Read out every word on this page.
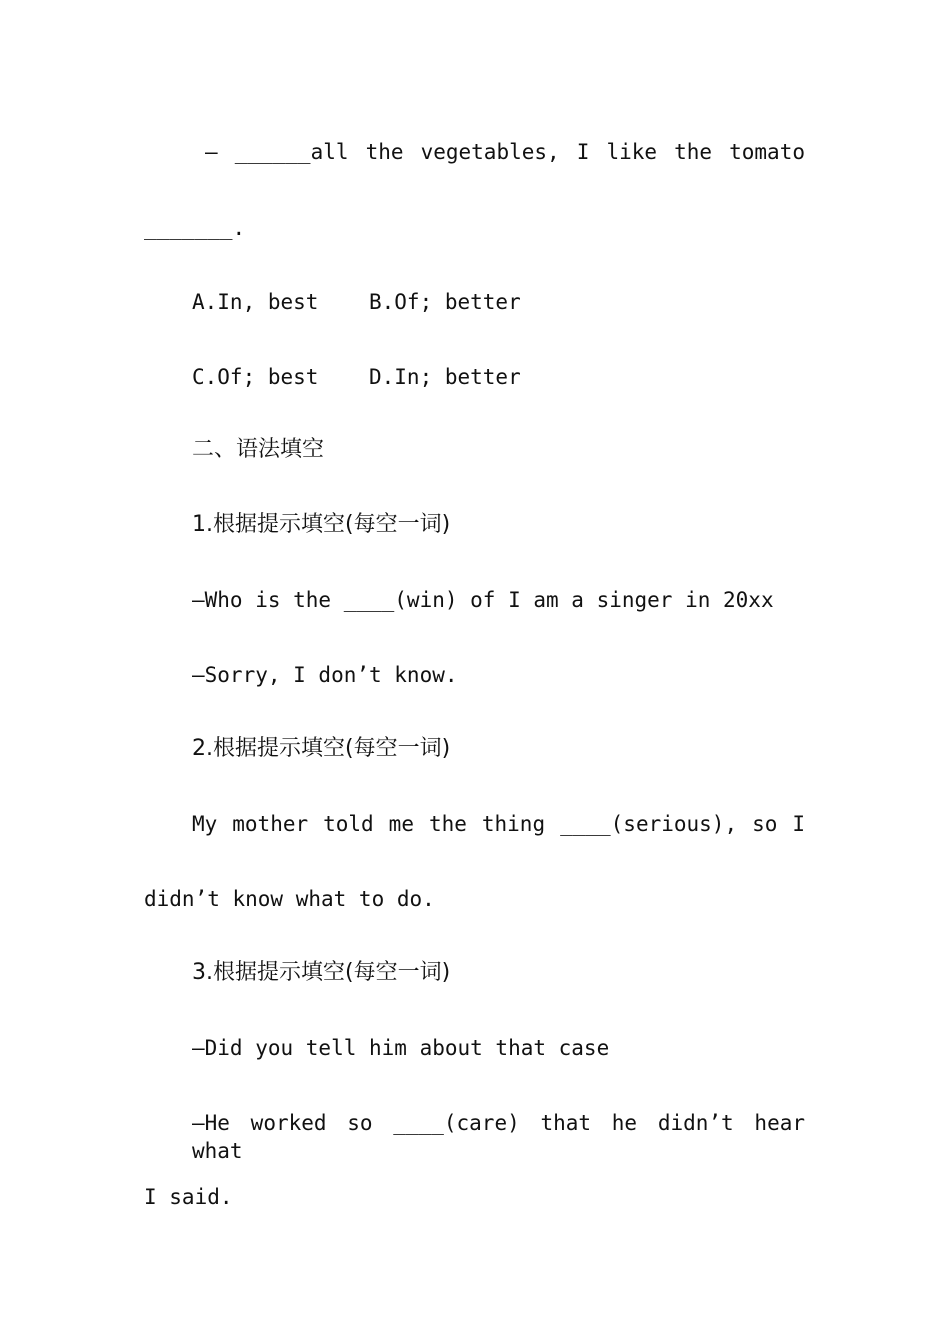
— ______all the vegetables, I like the tomato
_______.
A.In, best    B.Of; better
C.Of; best    D.In; better
二、语法填空
1.根据提示填空(每空一词)
—Who is the ____(win) of I am a singer in 20xx
—Sorry, I don’t know.
2.根据提示填空(每空一词)
My mother told me the thing ____(serious), so I
didn’t know what to do.
3.根据提示填空(每空一词)
—Did you tell him about that case
—He worked so ____(care) that he didn’t hear what
I said.
